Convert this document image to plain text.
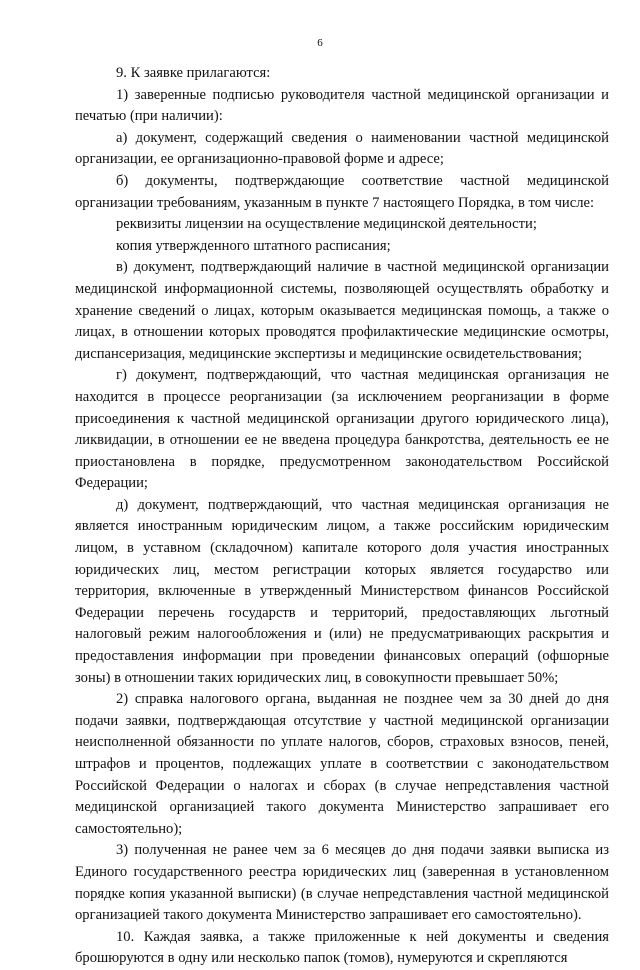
6

9. К заявке прилагаются:

1) заверенные подписью руководителя частной медицинской организации и печатью (при наличии):

а) документ, содержащий сведения о наименовании частной медицинской организации, ее организационно-правовой форме и адресе;

б) документы, подтверждающие соответствие частной медицинской организации требованиям, указанным в пункте 7 настоящего Порядка, в том числе:

реквизиты лицензии на осуществление медицинской деятельности;

копия утвержденного штатного расписания;

в) документ, подтверждающий наличие в частной медицинской организации медицинской информационной системы, позволяющей осуществлять обработку и хранение сведений о лицах, которым оказывается медицинская помощь, а также о лицах, в отношении которых проводятся профилактические медицинские осмотры, диспансеризация, медицинские экспертизы и медицинские освидетельствования;

г) документ, подтверждающий, что частная медицинская организация не находится в процессе реорганизации (за исключением реорганизации в форме присоединения к частной медицинской организации другого юридического лица), ликвидации, в отношении ее не введена процедура банкротства, деятельность ее не приостановлена в порядке, предусмотренном законодательством Российской Федерации;

д) документ, подтверждающий, что частная медицинская организация не является иностранным юридическим лицом, а также российским юридическим лицом, в уставном (складочном) капитале которого доля участия иностранных юридических лиц, местом регистрации которых является государство или территория, включенные в утвержденный Министерством финансов Российской Федерации перечень государств и территорий, предоставляющих льготный налоговый режим налогообложения и (или) не предусматривающих раскрытия и предоставления информации при проведении финансовых операций (офшорные зоны) в отношении таких юридических лиц, в совокупности превышает 50%;

2) справка налогового органа, выданная не позднее чем за 30 дней до дня подачи заявки, подтверждающая отсутствие у частной медицинской организации неисполненной обязанности по уплате налогов, сборов, страховых взносов, пеней, штрафов и процентов, подлежащих уплате в соответствии с законодательством Российской Федерации о налогах и сборах (в случае непредставления частной медицинской организацией такого документа Министерство запрашивает его самостоятельно);

3) полученная не ранее чем за 6 месяцев до дня подачи заявки выписка из Единого государственного реестра юридических лиц (заверенная в установленном порядке копия указанной выписки) (в случае непредставления частной медицинской организацией такого документа Министерство запрашивает его самостоятельно).

10. Каждая заявка, а также приложенные к ней документы и сведения брошюруются в одну или несколько папок (томов), нумеруются и скрепляются
